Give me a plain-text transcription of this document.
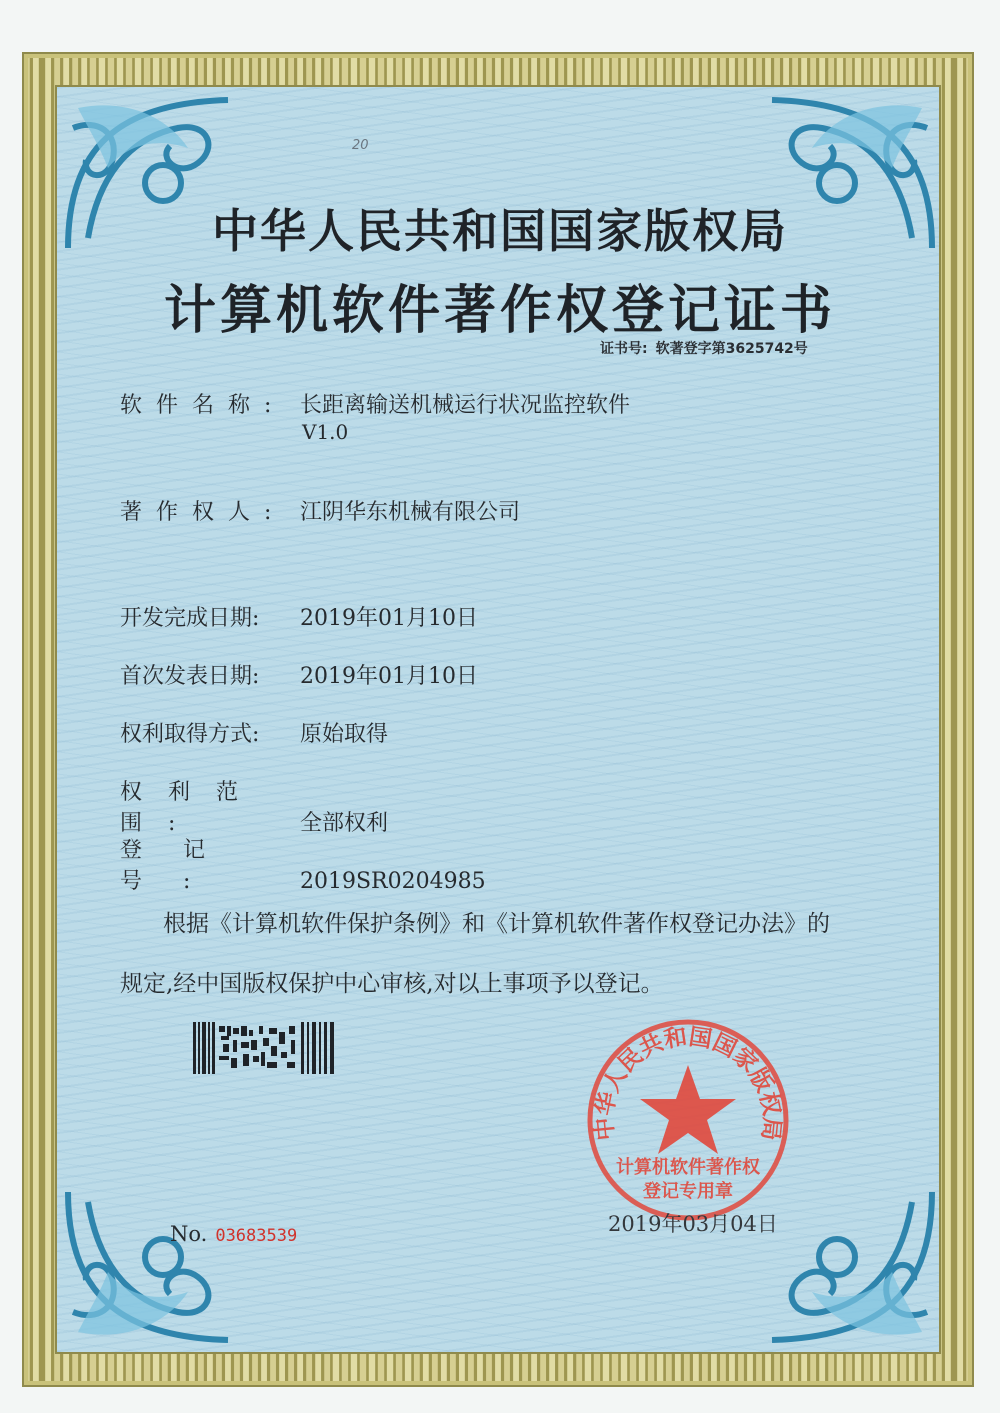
20
中华人民共和国国家版权局
计算机软件著作权登记证书
证书号: 软著登字第3625742号
软件名称: 长距离输送机械运行状况监控软件
V1.0
著作权人: 江阴华东机械有限公司
开发完成日期: 2019年01月10日
首次发表日期: 2019年01月10日
权利取得方式: 原始取得
权利范围:	全部权利
登记号:	2019SR0204985
根据《计算机软件保护条例》和《计算机软件著作权登记办法》的
规定,经中国版权保护中心审核,对以上事项予以登记。
中华人民共和国国家版权局
计算机软件著作权
登记专用章
No. 03683539	2019年03月04日
